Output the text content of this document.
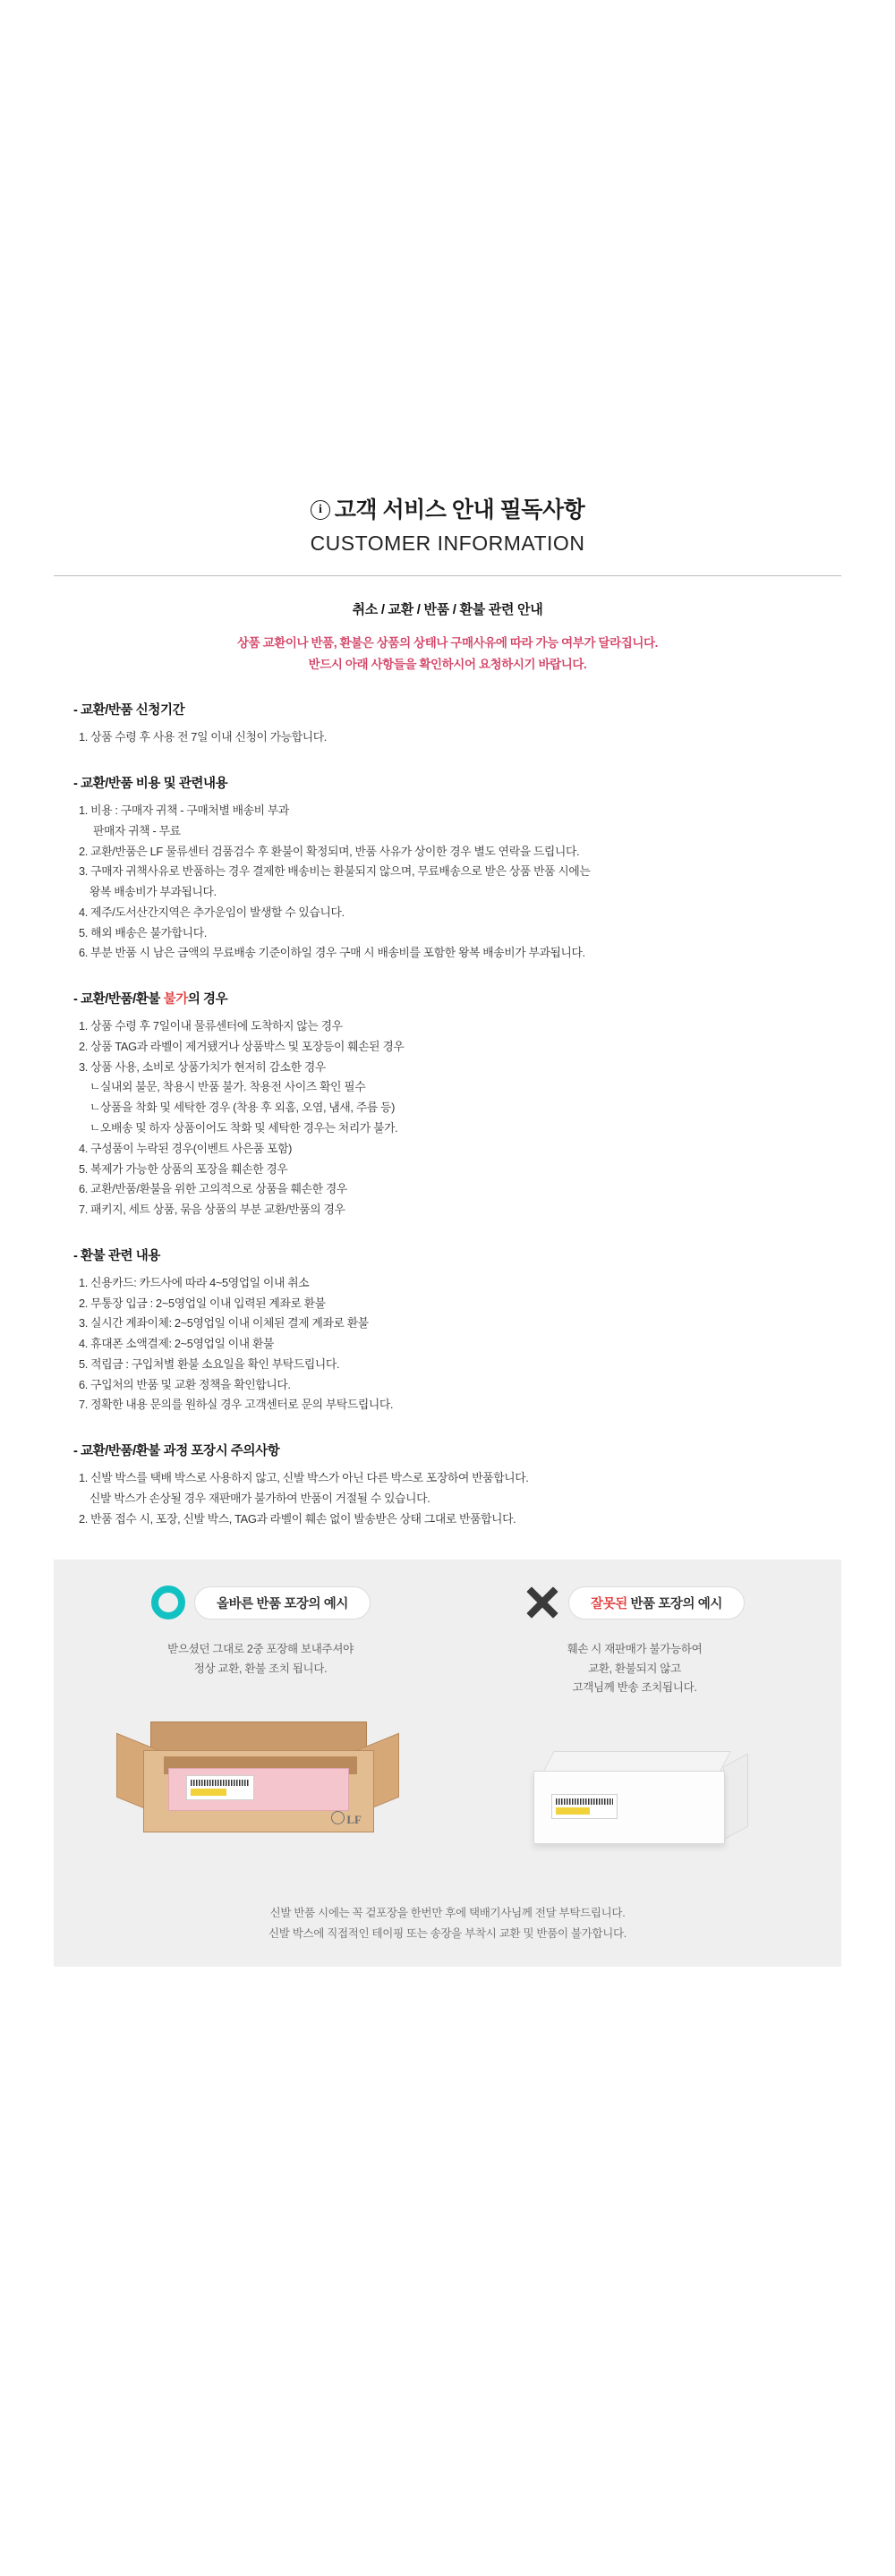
i 고객 서비스 안내 필독사항
CUSTOMER INFORMATION
취소 / 교환 / 반품 / 환불 관련 안내
상품 교환이나 반품, 환불은 상품의 상태나 구매사유에 따라 가능 여부가 달라집니다.
반드시 아래 사항들을 확인하시어 요청하시기 바랍니다.
- 교환/반품 신청기간
1. 상품 수령 후 사용 전 7일 이내 신청이 가능합니다.
- 교환/반품 비용 및 관련내용
1. 비용 : 구매자 귀책 - 구매처별 배송비 부과
판매자 귀책 - 무료
2. 교환/반품은 LF 물류센터 검품검수 후 환불이 확정되며, 반품 사유가 상이한 경우 별도 연락을 드립니다.
3. 구매자 귀책사유로 반품하는 경우 결제한 배송비는 환불되지 않으며, 무료배송으로 받은 상품 반품 시에는
왕복 배송비가 부과됩니다.
4. 제주/도서산간지역은 추가운임이 발생할 수 있습니다.
5. 해외 배송은 불가합니다.
6. 부분 반품 시 남은 금액의 무료배송 기준이하일 경우 구매 시 배송비를 포함한 왕복 배송비가 부과됩니다.
- 교환/반품/환불 불가의 경우
1. 상품 수령 후 7일이내 물류센터에 도착하지 않는 경우
2. 상품 TAG과 라벨이 제거됐거나 상품박스 및 포장등이 훼손된 경우
3. 상품 사용, 소비로 상품가치가 현저히 감소한 경우
ㄴ실내외 불문, 착용시 반품 불가. 착용전 사이즈 확인 필수
ㄴ상품을 착화 및 세탁한 경우 (착용 후 외홈, 오염, 냄새, 주름 등)
ㄴ오배송 및 하자 상품이어도 착화 및 세탁한 경우는 처리가 불가.
4. 구성품이 누락된 경우(이벤트 사은품 포함)
5. 복제가 가능한 상품의 포장을 훼손한 경우
6. 교환/반품/환불을 위한 고의적으로 상품을 훼손한 경우
7. 패키지, 세트 상품, 묶음 상품의 부분 교환/반품의 경우
- 환불 관련 내용
1. 신용카드: 카드사에 따라 4~5영업일 이내 취소
2. 무통장 입금 : 2~5영업일 이내 입력된 계좌로 환불
3. 실시간 계좌이체: 2~5영업일 이내 이체된 결제 계좌로 환불
4. 휴대폰 소액결제: 2~5영업일 이내 환불
5. 적립금 : 구입처별 환불 소요일을 확인 부탁드립니다.
6. 구입처의 반품 및 교환 정책을 확인합니다.
7. 정확한 내용 문의를 원하실 경우 고객센터로 문의 부탁드립니다.
- 교환/반품/환불 과정 포장시 주의사항
1. 신발 박스를 택배 박스로 사용하지 않고, 신발 박스가 아닌 다른 박스로 포장하여 반품합니다.
신발 박스가 손상될 경우 재판매가 불가하여 반품이 거절될 수 있습니다.
2. 반품 접수 시, 포장, 신발 박스, TAG과 라벨이 훼손 없이 발송받은 상태 그대로 반품합니다.
올바른 반품 포장의 예시
받으셨던 그대로 2중 포장해 보내주셔야
정상 교환, 환불 조치 됩니다.
LF
잘못된 반품 포장의 예시
훼손 시 재판매가 불가능하여
교환, 환불되지 않고
고객님께 반송 조치됩니다.
신발 반품 시에는 꼭 겉포장을 한번만 후에 택배기사님께 전달 부탁드립니다.
신발 박스에 직접적인 테이핑 또는 송장을 부착시 교환 및 반품이 불가합니다.
